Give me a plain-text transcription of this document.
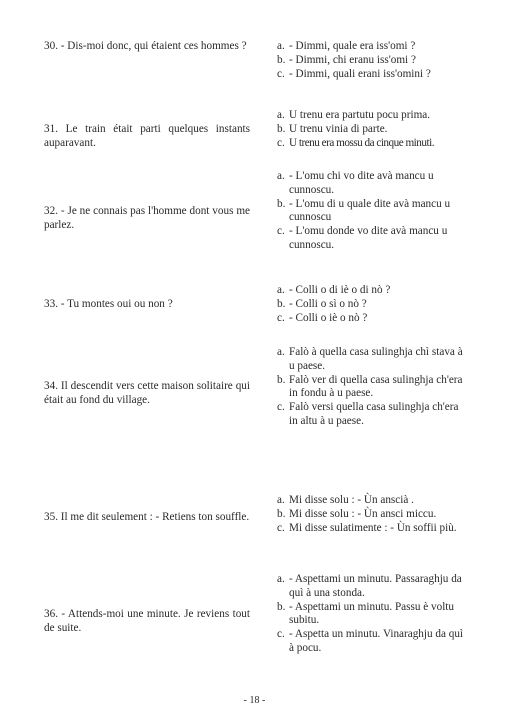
30. - Dis-moi donc, qui étaient ces hommes ?	a. - Dimmi, quale era iss'omi ?
b. - Dimmi, chi eranu iss'omi ?
c. - Dimmi, quali erani iss'omini ?
31. Le train était parti quelques instants auparavant.
a. U trenu era partutu pocu prima.
b. U trenu vinia di parte.
c. U trenu era mossu da cinque minuti.
32. - Je ne connais pas l'homme dont vous me parlez.
a. - L'omu chi vo dite avà mancu u cunnoscu.
b. - L'omu di u quale dite avà mancu u cunnoscu
c. - L'omu donde vo dite avà mancu u cunnoscu.
33. - Tu montes oui ou non ?
a. - Colli o di iè o di nò ?
b. - Colli o sì o nò ?
c. - Colli o iè o nò ?
34. Il descendit vers cette maison solitaire qui était au fond du village.
a. Falò à quella casa sulinghja chì stava à u paese.
b. Falò ver di quella casa sulinghja ch'era in fondu à u paese.
c. Falò versi quella casa sulinghja ch'era in altu à u paese.
35. Il me dit seulement : - Retiens ton souffle.
a. Mi disse solu : - Ùn anscià .
b. Mi disse solu : - Ùn ansci miccu.
c. Mi disse sulatimente : - Ùn soffii più.
36. - Attends-moi une minute. Je reviens tout de suite.
a. - Aspettami un minutu. Passaraghju da quì à una stonda.
b. - Aspettami un minutu. Passu è voltu subitu.
c. - Aspetta un minutu. Vinaraghju da quì à pocu.
- 18 -
